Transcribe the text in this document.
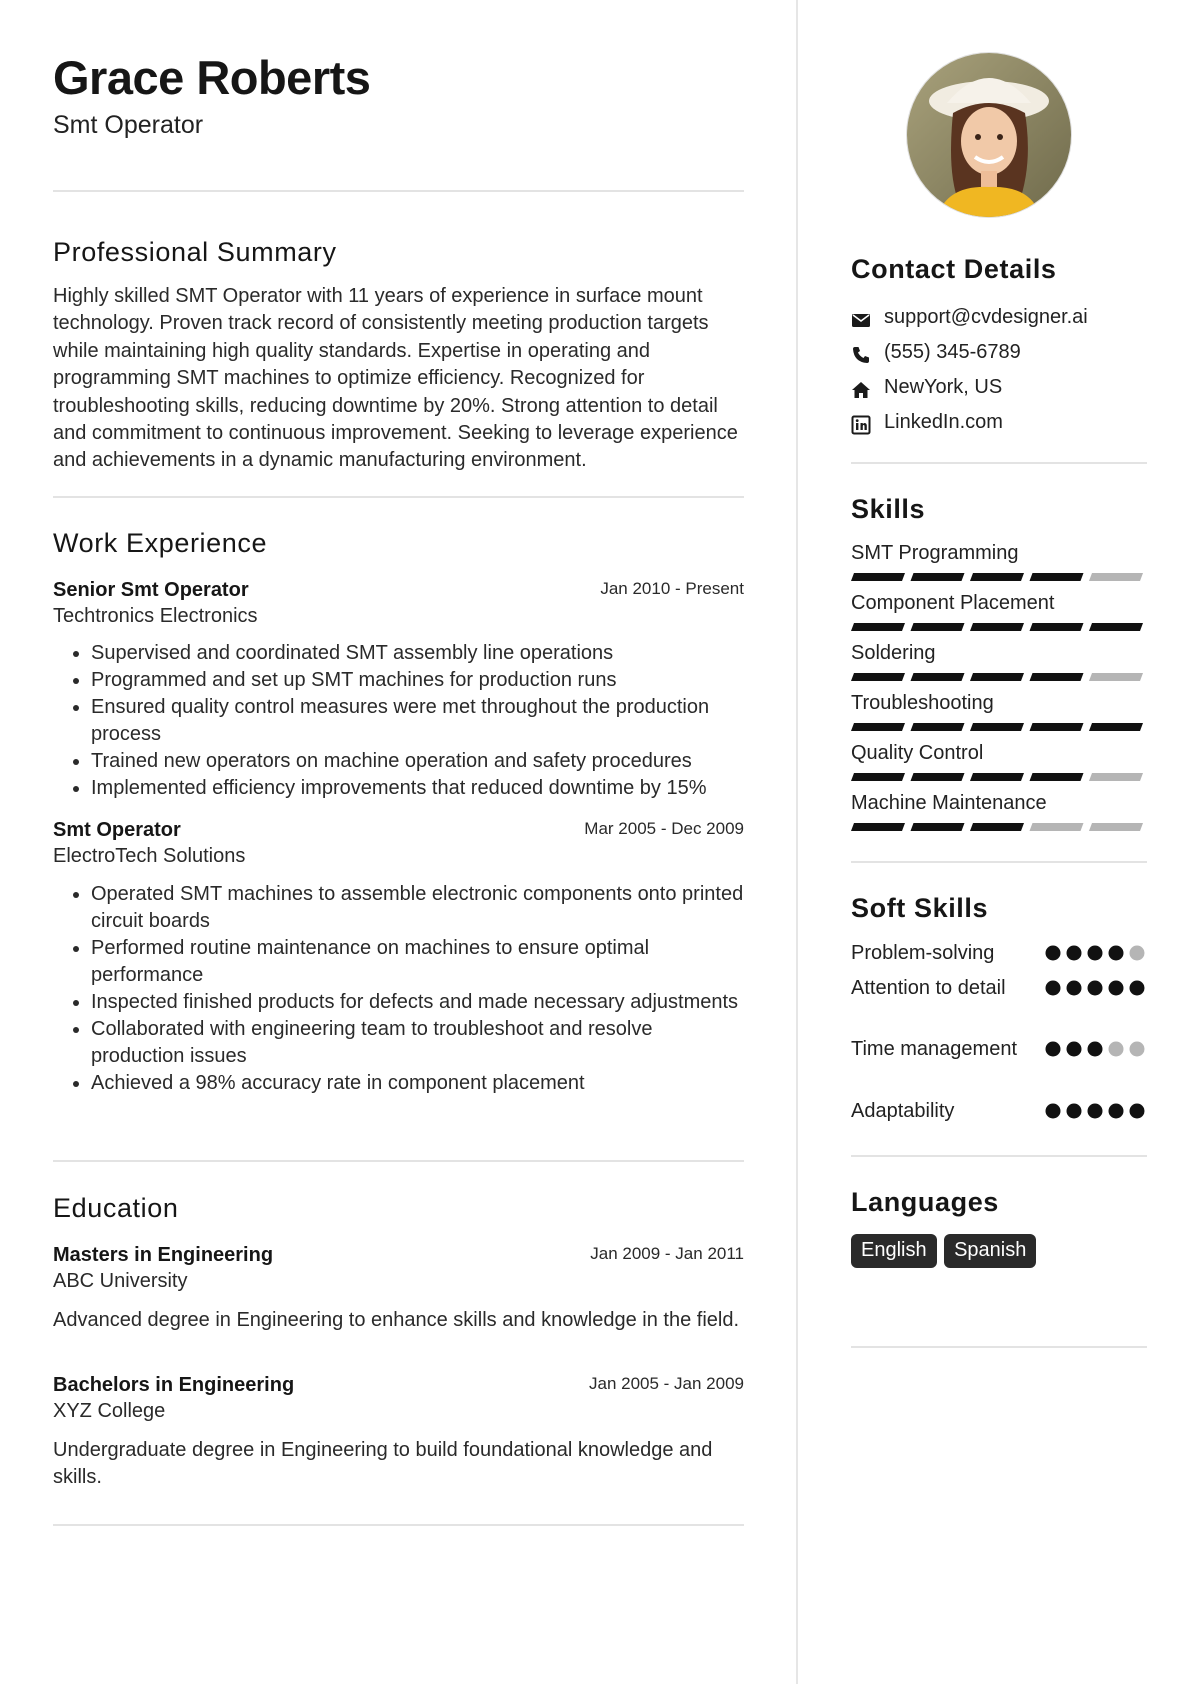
Grace Roberts
Smt Operator
Professional Summary

Highly skilled SMT Operator with 11 years of experience in surface mount technology. Proven track record of consistently meeting production targets while maintaining high quality standards. Expertise in operating and programming SMT machines to optimize efficiency. Recognized for troubleshooting skills, reducing downtime by 20%. Strong attention to detail and commitment to continuous improvement. Seeking to leverage experience and achievements in a dynamic manufacturing environment.

Work Experience
Senior Smt Operator	Jan 2010 - Present
Techtronics Electronics
• Supervised and coordinated SMT assembly line operations
• Programmed and set up SMT machines for production runs
• Ensured quality control measures were met throughout the production process
• Trained new operators on machine operation and safety procedures
• Implemented efficiency improvements that reduced downtime by 15%
Smt Operator	Mar 2005 - Dec 2009
ElectroTech Solutions
• Operated SMT machines to assemble electronic components onto printed circuit boards
• Performed routine maintenance on machines to ensure optimal performance
• Inspected finished products for defects and made necessary adjustments
• Collaborated with engineering team to troubleshoot and resolve production issues
• Achieved a 98% accuracy rate in component placement
Education
Masters in Engineering	Jan 2009 - Jan 2011
ABC University

Advanced degree in Engineering to enhance skills and knowledge in the field.

Bachelors in Engineering	Jan 2005 - Jan 2009
XYZ College

Undergraduate degree in Engineering to build foundational knowledge and skills.

Contact Details
support@cvdesigner.ai
(555) 345-6789
NewYork, US
LinkedIn.com
Skills
SMT Programming
Component Placement
Soldering
Troubleshooting
Quality Control
Machine Maintenance
Soft Skills
Problem-solving
Attention to detail
Time management
Adaptability
Languages
English Spanish
